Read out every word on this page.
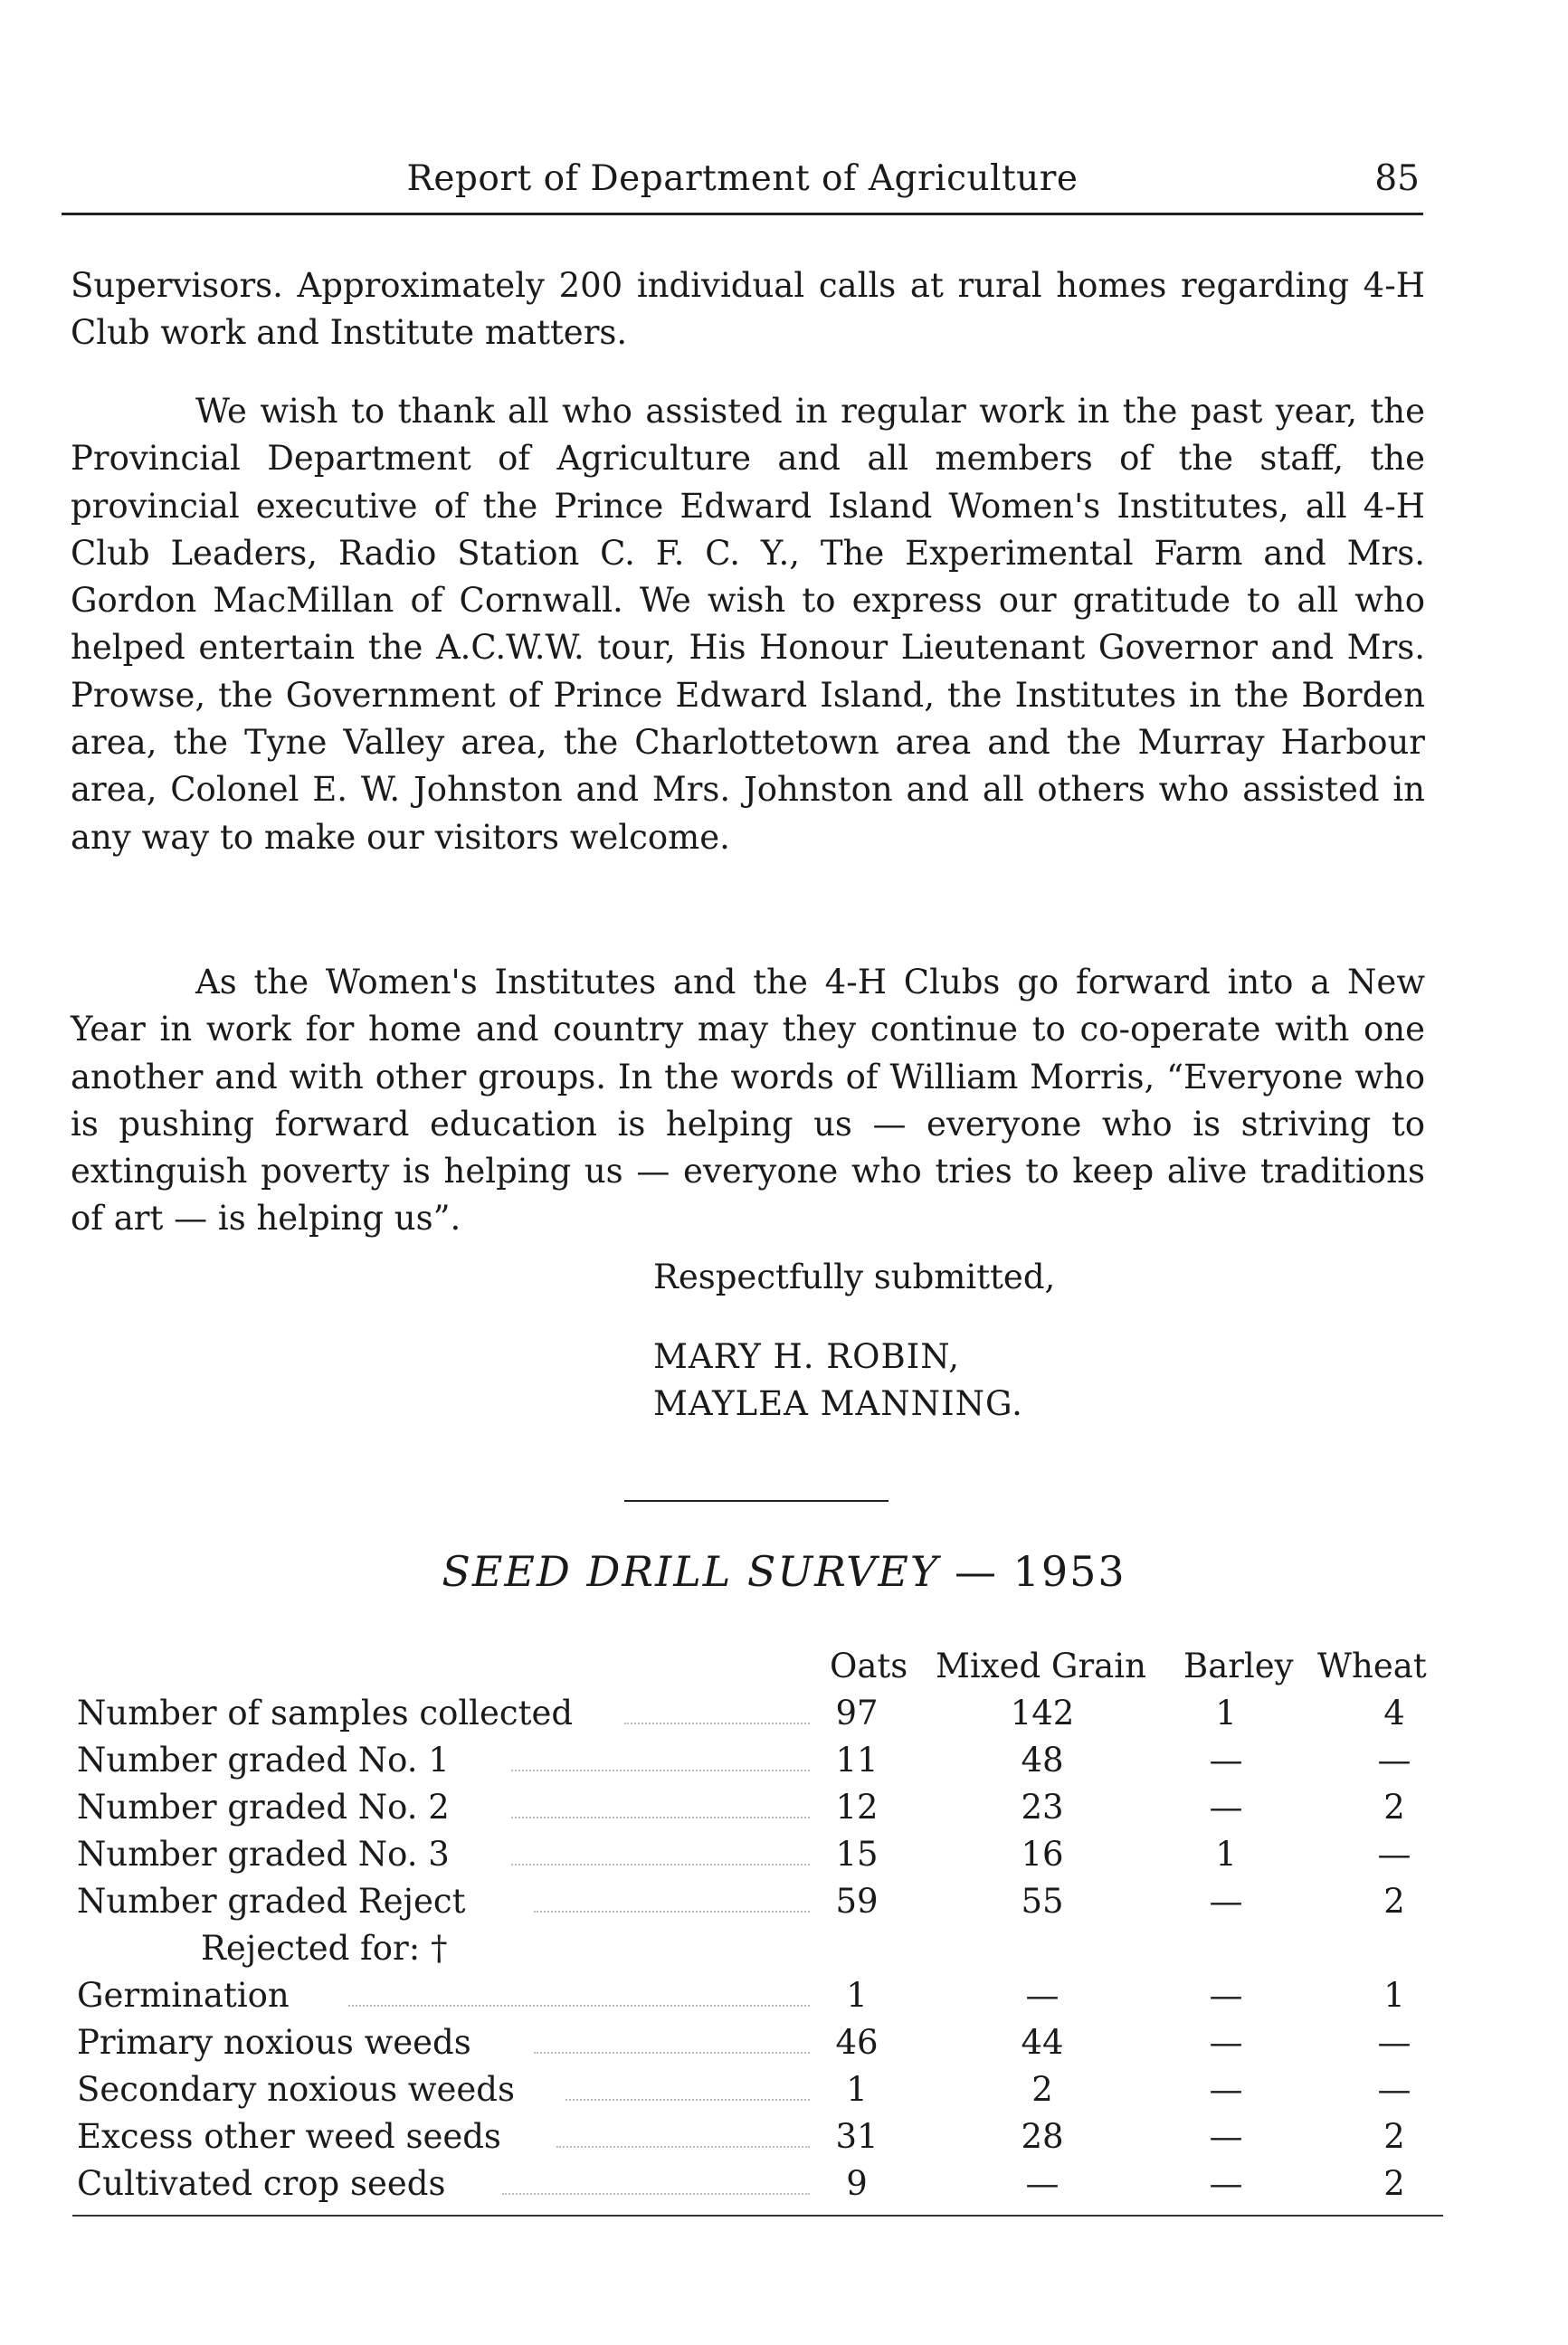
Report of Department of Agriculture	85

Supervisors. Approximately 200 individual calls at rural homes regarding 4-H Club work and Institute matters.

We wish to thank all who assisted in regular work in the past year, the Provincial Department of Agriculture and all members of the staff, the provincial executive of the Prince Edward Island Women's Institutes, all 4-H Club Leaders, Radio Station C. F. C. Y., The Experimental Farm and Mrs. Gordon MacMillan of Cornwall. We wish to express our gratitude to all who helped entertain the A.C.W.W. tour, His Honour Lieutenant Governor and Mrs. Prowse, the Government of Prince Edward Island, the Institutes in the Borden area, the Tyne Valley area, the Charlottetown area and the Murray Harbour area, Colonel E. W. Johnston and Mrs. Johnston and all others who assisted in any way to make our visitors welcome.

As the Women's Institutes and the 4-H Clubs go forward into a New Year in work for home and country may they continue to co-operate with one another and with other groups. In the words of William Morris, “Everyone who is pushing forward education is helping us — everyone who is striving to extinguish poverty is helping us — everyone who tries to keep alive traditions of art — is helping us”.

Respectfully submitted,

MARY H. ROBIN,

MAYLEA MANNING.

SEED DRILL SURVEY — 1953
Oats Mixed Grain Barley Wheat
Number of samples collected	97	142	1	4
Number graded No. 1	11	48	—	—
Number graded No. 2	12	23	—	2
Number graded No. 3	15	16	1	—
Number graded Reject	59	55	—	2
Rejected for: †
Germination	1	—	—	1
Primary noxious weeds	46	44	—	—
Secondary noxious weeds	1	2	—	—
Excess other weed seeds	31	28	—	2
Cultivated crop seeds	9	—	—	2
